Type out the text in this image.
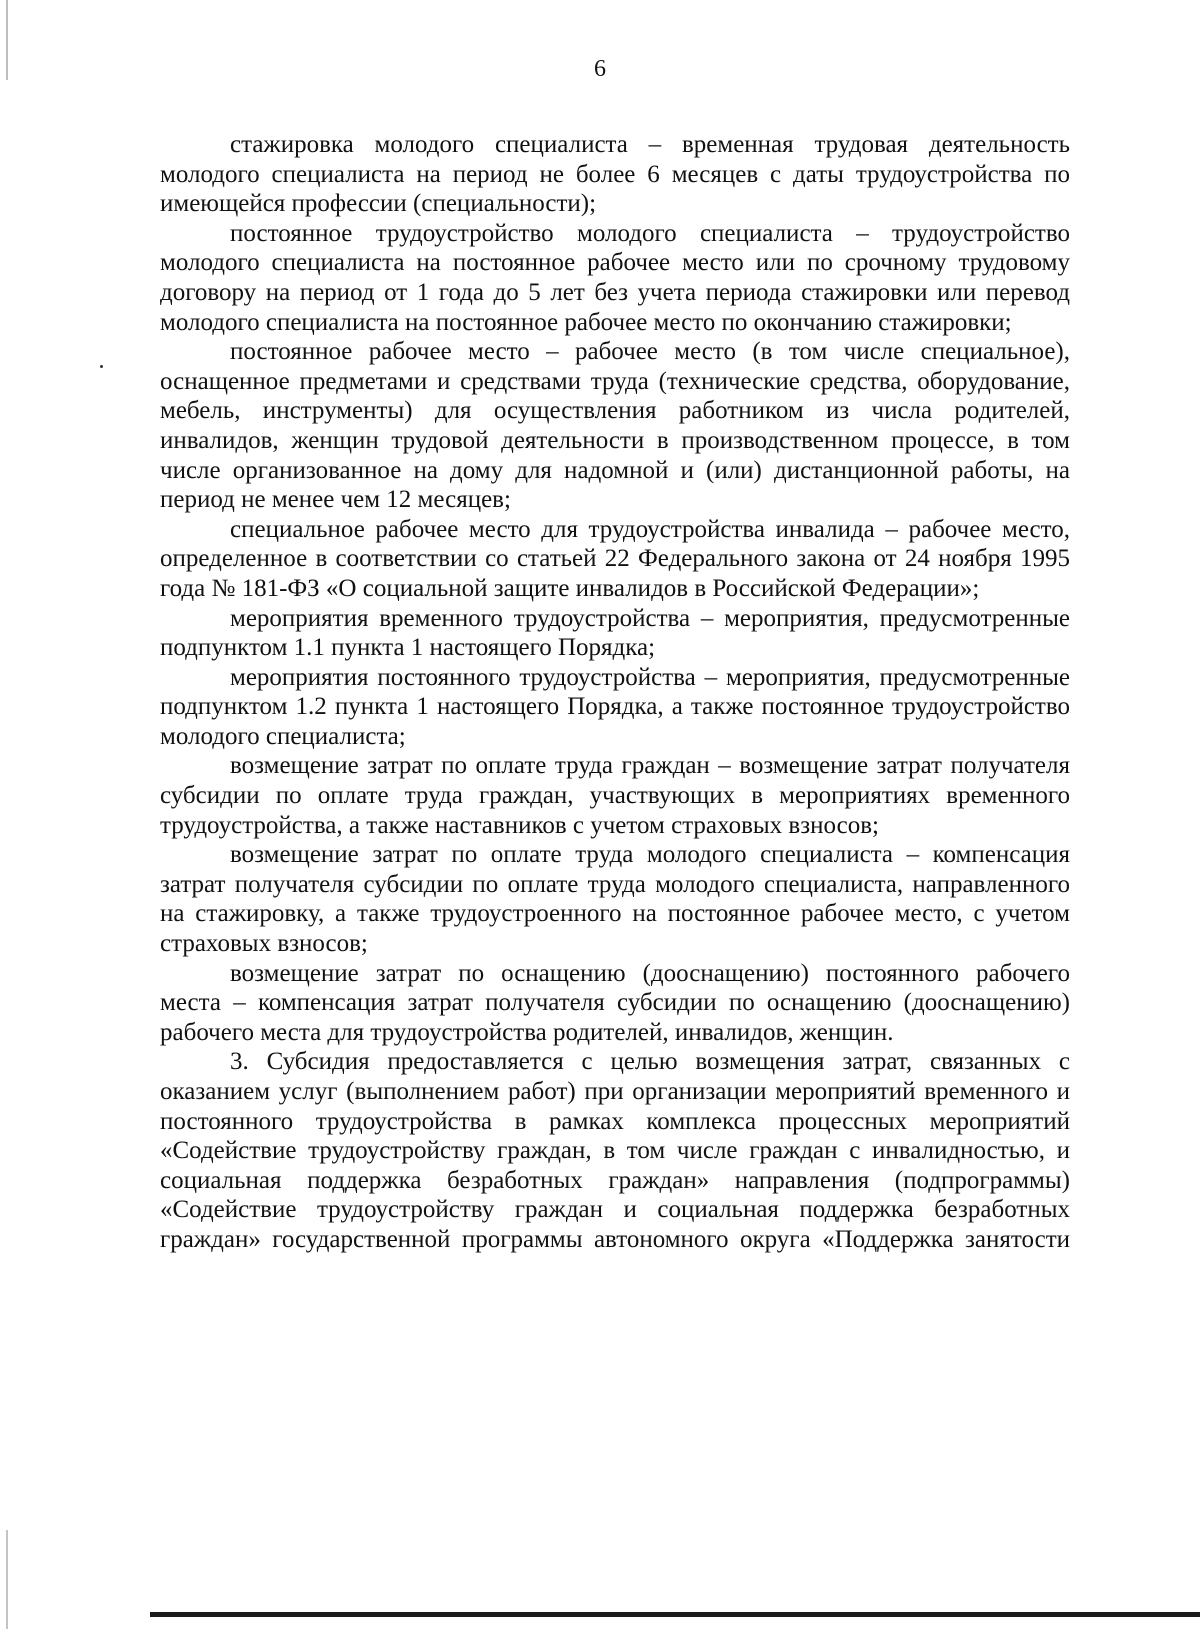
6

стажировка молодого специалиста – временная трудовая деятельность молодого специалиста на период не более 6 месяцев с даты трудоустройства по имеющейся профессии (специальности);

постоянное трудоустройство молодого специалиста – трудоустройство молодого специалиста на постоянное рабочее место или по срочному трудовому договору на период от 1 года до 5 лет без учета периода стажировки или перевод молодого специалиста на постоянное рабочее место по окончанию стажировки;

постоянное рабочее место – рабочее место (в том числе специальное), оснащенное предметами и средствами труда (технические средства, оборудование, мебель, инструменты) для осуществления работником из числа родителей, инвалидов, женщин трудовой деятельности в производственном процессе, в том числе организованное на дому для надомной и (или) дистанционной работы, на период не менее чем 12 месяцев;

специальное рабочее место для трудоустройства инвалида – рабочее место, определенное в соответствии со статьей 22 Федерального закона от 24 ноября 1995 года № 181-ФЗ «О социальной защите инвалидов в Российской Федерации»;

мероприятия временного трудоустройства – мероприятия, предусмотренные подпунктом 1.1 пункта 1 настоящего Порядка;

мероприятия постоянного трудоустройства – мероприятия, предусмотренные подпунктом 1.2 пункта 1 настоящего Порядка, а также постоянное трудоустройство молодого специалиста;

возмещение затрат по оплате труда граждан – возмещение затрат получателя субсидии по оплате труда граждан, участвующих в мероприятиях временного трудоустройства, а также наставников с учетом страховых взносов;

возмещение затрат по оплате труда молодого специалиста – компенсация затрат получателя субсидии по оплате труда молодого специалиста, направленного на стажировку, а также трудоустроенного на постоянное рабочее место, с учетом страховых взносов;

возмещение затрат по оснащению (дооснащению) постоянного рабочего места – компенсация затрат получателя субсидии по оснащению (дооснащению) рабочего места для трудоустройства родителей, инвалидов, женщин.

3. Субсидия предоставляется с целью возмещения затрат, связанных с оказанием услуг (выполнением работ) при организации мероприятий временного и постоянного трудоустройства в рамках комплекса процессных мероприятий «Содействие трудоустройству граждан, в том числе граждан с инвалидностью, и социальная поддержка безработных граждан» направления (подпрограммы) «Содействие трудоустройству граждан и социальная поддержка безработных граждан» государственной программы автономного округа «Поддержка занятости
